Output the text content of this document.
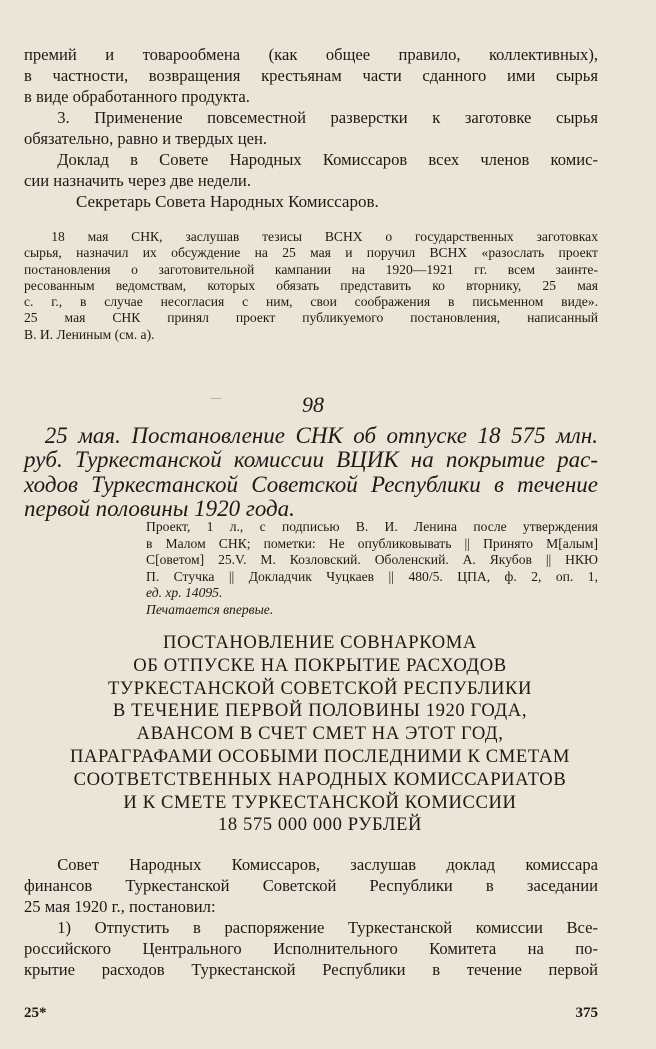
премий и товарообмена (как общее правило, коллективных),

в частности, возвращения крестьянам части сданного ими сырья

в виде обработанного продукта.

3. Применение повсеместной разверстки к заготовке сырья

обязательно, равно и твердых цен.

Доклад в Совете Народных Комиссаров всех членов комис-

сии назначить через две недели.

Секретарь Совета Народных Комиссаров.

18 мая СНК, заслушав тезисы ВСНХ о государственных заготовках

сырья, назначил их обсуждение на 25 мая и поручил ВСНХ «разослать проект

постановления о заготовительной кампании на 1920—1921 гг. всем заинте-

ресованным ведомствам, которых обязать представить ко вторнику, 25 мая

с. г., в случае несогласия с ним, свои соображения в письменном виде».

25 мая СНК принял проект публикуемого постановления, написанный

В. И. Лениным (см. а).

98

25 мая. Постановление СНК об отпуске 18 575 млн.

руб. Туркестанской комиссии ВЦИК на покрытие рас-

ходов Туркестанской Советской Республики в течение

первой половины 1920 года.

Проект, 1 л., с подписью В. И. Ленина после утверждения

в Малом СНК; пометки: Не опубликовывать || Принято М[алым]

С[оветом] 25.V. М. Козловский. Оболенский. А. Якубов || НКЮ

П. Стучка || Докладчик Чуцкаев || 480/5. ЦПА, ф. 2, оп. 1,

ед. хр. 14095.

Печатается впервые.

ПОСТАНОВЛЕНИЕ СОВНАРКОМА
ОБ ОТПУСКЕ НА ПОКРЫТИЕ РАСХОДОВ
ТУРКЕСТАНСКОЙ СОВЕТСКОЙ РЕСПУБЛИКИ
В ТЕЧЕНИЕ ПЕРВОЙ ПОЛОВИНЫ 1920 ГОДА,
АВАНСОМ В СЧЕТ СМЕТ НА ЭТОТ ГОД,
ПАРАГРАФАМИ ОСОБЫМИ ПОСЛЕДНИМИ К СМЕТАМ
СООТВЕТСТВЕННЫХ НАРОДНЫХ КОМИССАРИАТОВ
И К СМЕТЕ ТУРКЕСТАНСКОЙ КОМИССИИ
18 575 000 000 РУБЛЕЙ

Совет Народных Комиссаров, заслушав доклад комиссара

финансов Туркестанской Советской Республики в заседании

25 мая 1920 г., постановил:

1) Отпустить в распоряжение Туркестанской комиссии Все-

российского Центрального Исполнительного Комитета на по-

крытие расходов Туркестанской Республики в течение первой

25*	375
